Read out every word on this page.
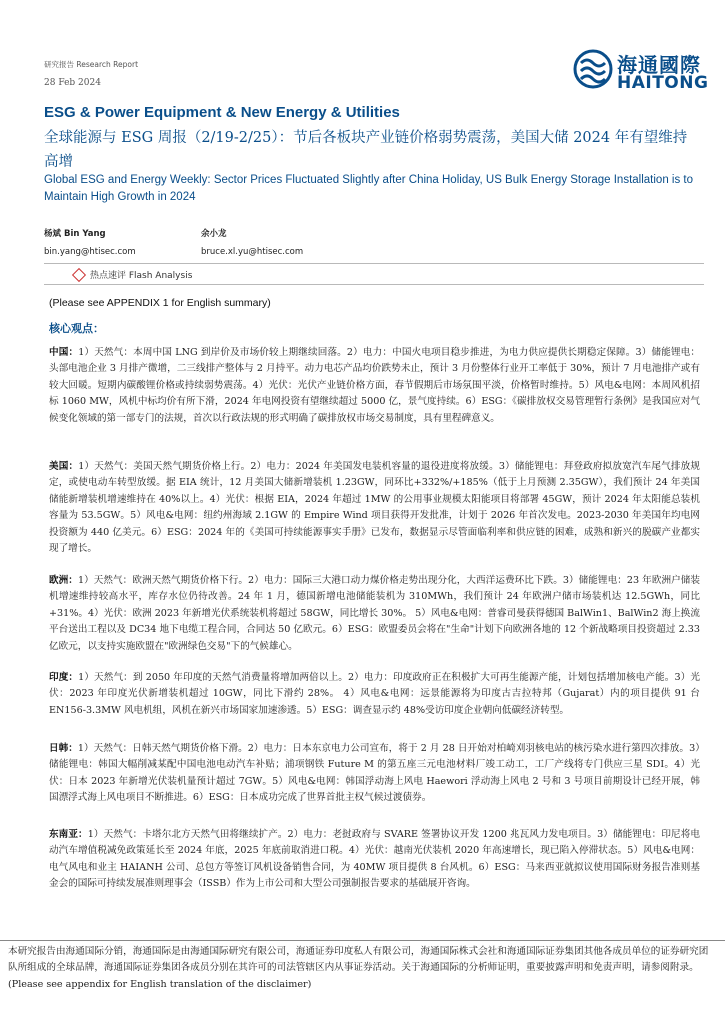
研究报告 Research Report
28 Feb 2024
海通國際
HAITONG
ESG & Power Equipment & New Energy & Utilities
全球能源与 ESG 周报（2/19-2/25）：节后各板块产业链价格弱势震荡，美国大储 2024 年有望维持高增
Global ESG and Energy Weekly: Sector Prices Fluctuated Slightly after China Holiday, US Bulk Energy Storage Installation is to Maintain High Growth in 2024
杨斌 Bin Yang
bin.yang@htisec.com
余小龙
bruce.xl.yu@htisec.com
热点速评 Flash Analysis
(Please see APPENDIX 1 for English summary)
核心观点：
中国：1）天然气：本周中国 LNG 到岸价及市场价较上期继续回落。2）电力：中国火电项目稳步推进，为电力供应提供长期稳定保障。3）储能锂电：头部电池企业 3 月排产微增，二三线排产整体与 2 月持平。动力电芯产品均价跌势未止，预计 3 月份整体行业开工率低于 30%，预计 7 月电池排产或有较大回暖。短期内碳酸锂价格或持续弱势震荡。4）光伏：光伏产业链价格方面，春节假期后市场氛围平淡，价格暂时维持。5）风电&电网：本周风机招标 1060 MW，风机中标均价有所下滑，2024 年电网投资有望继续超过 5000 亿，景气度持续。6）ESG：《碳排放权交易管理暂行条例》是我国应对气候变化领域的第一部专门的法规，首次以行政法规的形式明确了碳排放权市场交易制度，具有里程碑意义。
美国：1）天然气：美国天然气期货价格上行。2）电力：2024 年美国发电装机容量的退役进度将放缓。3）储能锂电：拜登政府拟放宽汽车尾气排放规定，或使电动车转型放缓。据 EIA 统计，12 月美国大储新增装机 1.23GW，同环比+332%/+185%（低于上月预测 2.35GW），我们预计 24 年美国储能新增装机增速维持在 40%以上。4）光伏：根据 EIA，2024 年超过 1MW 的公用事业规模太阳能项目将部署 45GW，预计 2024 年太阳能总装机容量为 53.5GW。5）风电&电网：纽约州海域 2.1GW 的 Empire Wind 项目获得开发批准，计划于 2026 年首次发电。2023-2030 年美国年均电网投资额为 440 亿美元。6）ESG：2024 年的《美国可持续能源事实手册》已发布，数据显示尽管面临利率和供应链的困难，成熟和新兴的脱碳产业都实现了增长。
欧洲：1）天然气：欧洲天然气期货价格下行。2）电力：国际三大港口动力煤价格走势出现分化，大西洋运费环比下跌。3）储能锂电：23 年欧洲户储装机增速维持较高水平，库存水位仍待改善。24 年 1 月，德国新增电池储能装机为 310MWh，我们预计 24 年欧洲户储市场装机达 12.5GWh，同比+31%。4）光伏：欧洲 2023 年新增光伏系统装机将超过 58GW，同比增长 30%。 5）风电&电网：普睿司曼获得德国 BalWin1、BalWin2 海上换流平台送出工程以及 DC34 地下电缆工程合同，合同达 50 亿欧元。6）ESG：欧盟委员会将在"生命"计划下向欧洲各地的 12 个新战略项目投资超过 2.33 亿欧元，以支持实施欧盟在"欧洲绿色交易"下的气候雄心。
印度：1）天然气：到 2050 年印度的天然气消费量将增加两倍以上。2）电力：印度政府正在积极扩大可再生能源产能，计划包括增加核电产能。3）光伏：2023 年印度光伏新增装机超过 10GW，同比下滑约 28%。 4）风电&电网：远景能源将为印度古吉拉特邦（Gujarat）内的项目提供 91 台 EN156-3.3MW 风电机组，风机在新兴市场国家加速渗透。5）ESG：调查显示约 48%受访印度企业朝向低碳经济转型。
日韩：1）天然气：日韩天然气期货价格下滑。2）电力：日本东京电力公司宣布，将于 2 月 28 日开始对柏崎刈羽核电站的核污染水进行第四次排放。3）储能锂电：韩国大幅削减某配中国电池电动汽车补贴；浦项钢铁 Future M 的第五座三元电池材料厂竣工动工，工厂产线将专门供应三星 SDI。4）光伏：日本 2023 年新增光伏装机量预计超过 7GW。5）风电&电网：韩国浮动海上风电 Haewori 浮动海上风电 2 号和 3 号项目前期设计已经开展，韩国漂浮式海上风电项目不断推进。6）ESG：日本成功完成了世界首批主权气候过渡债券。
东南亚：1）天然气：卡塔尔北方天然气田将继续扩产。2）电力：老挝政府与 SVARE 签署协议开发 1200 兆瓦风力发电项目。3）储能锂电：印尼将电动汽车增值税减免政策延长至 2024 年底，2025 年底前取消进口税。4）光伏：越南光伏装机 2020 年高速增长，现已陷入停滞状态。5）风电&电网：电气风电和业主 HAIANH 公司、总包方等签订风机设备销售合同，为 40MW 项目提供 8 台风机。6）ESG：马来西亚就拟议使用国际财务报告准则基金会的国际可持续发展准则理事会（ISSB）作为上市公司和大型公司强制报告要求的基础展开咨询。
本研究报告由海通国际分销，海通国际是由海通国际研究有限公司，海通证券印度私人有限公司，海通国际株式会社和海通国际证券集团其他各成员单位的证券研究团队所组成的全球品牌，海通国际证券集团各成员分别在其许可的司法管辖区内从事证券活动。关于海通国际的分析师证明，重要披露声明和免责声明，请参阅附录。(Please see appendix for English translation of the disclaimer)
